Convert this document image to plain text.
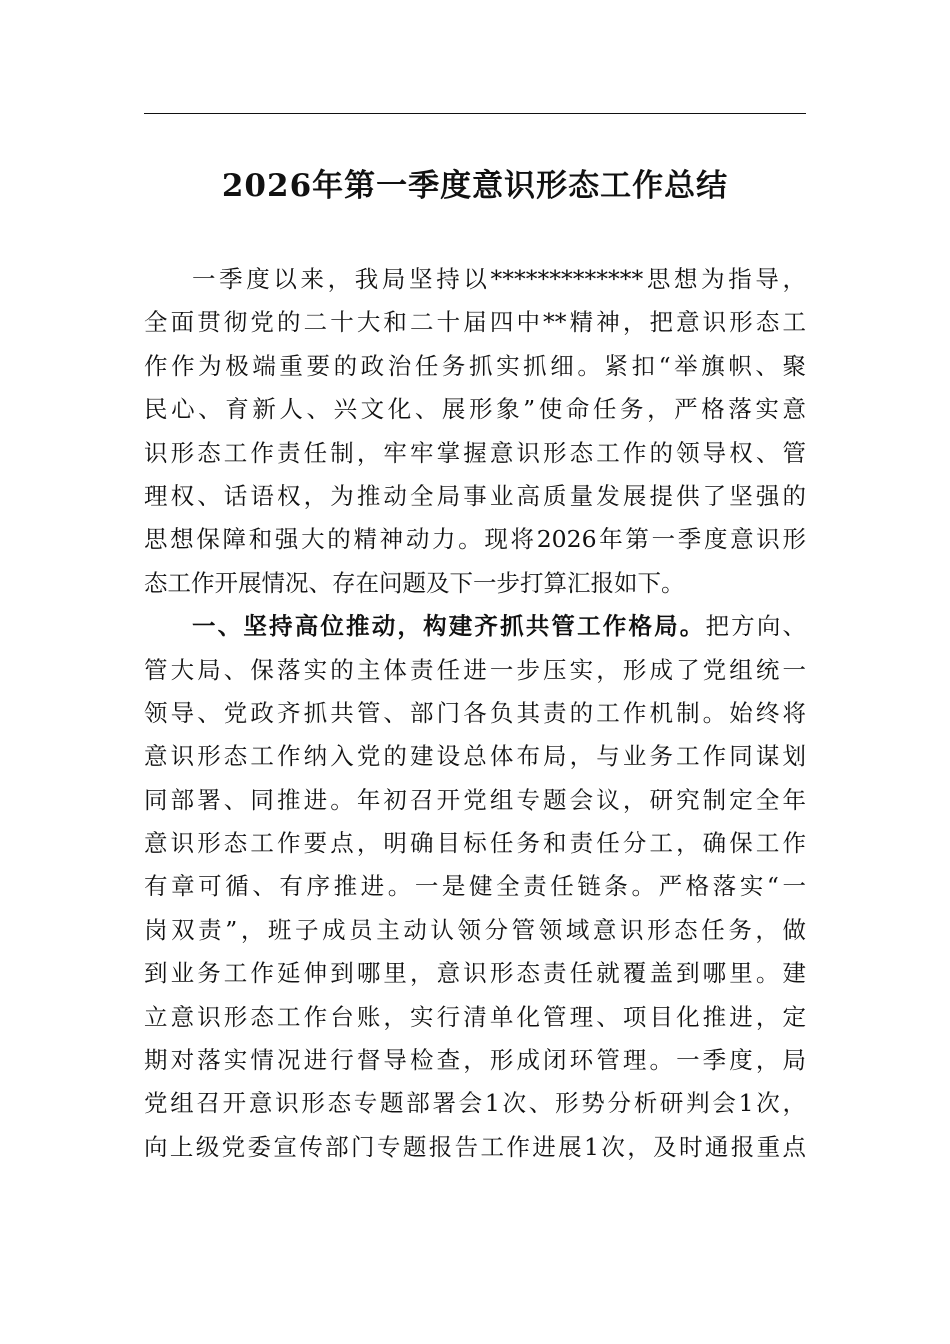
2026年第一季度意识形态工作总结
一季度以来，我局坚持以*************思想为指导，
全面贯彻党的二十大和二十届四中**精神，把意识形态工
作作为极端重要的政治任务抓实抓细。紧扣“举旗帜、聚
民心、育新人、兴文化、展形象”使命任务，严格落实意
识形态工作责任制，牢牢掌握意识形态工作的领导权、管
理权、话语权，为推动全局事业高质量发展提供了坚强的
思想保障和强大的精神动力。现将2026年第一季度意识形
态工作开展情况、存在问题及下一步打算汇报如下。
一、坚持高位推动，构建齐抓共管工作格局。把方向、
管大局、保落实的主体责任进一步压实，形成了党组统一
领导、党政齐抓共管、部门各负其责的工作机制。始终将
意识形态工作纳入党的建设总体布局，与业务工作同谋划
同部署、同推进。年初召开党组专题会议，研究制定全年
意识形态工作要点，明确目标任务和责任分工，确保工作
有章可循、有序推进。一是健全责任链条。严格落实“一
岗双责”，班子成员主动认领分管领域意识形态任务，做
到业务工作延伸到哪里，意识形态责任就覆盖到哪里。建
立意识形态工作台账，实行清单化管理、项目化推进，定
期对落实情况进行督导检查，形成闭环管理。一季度，局
党组召开意识形态专题部署会1次、形势分析研判会1次，
向上级党委宣传部门专题报告工作进展1次，及时通报重点
